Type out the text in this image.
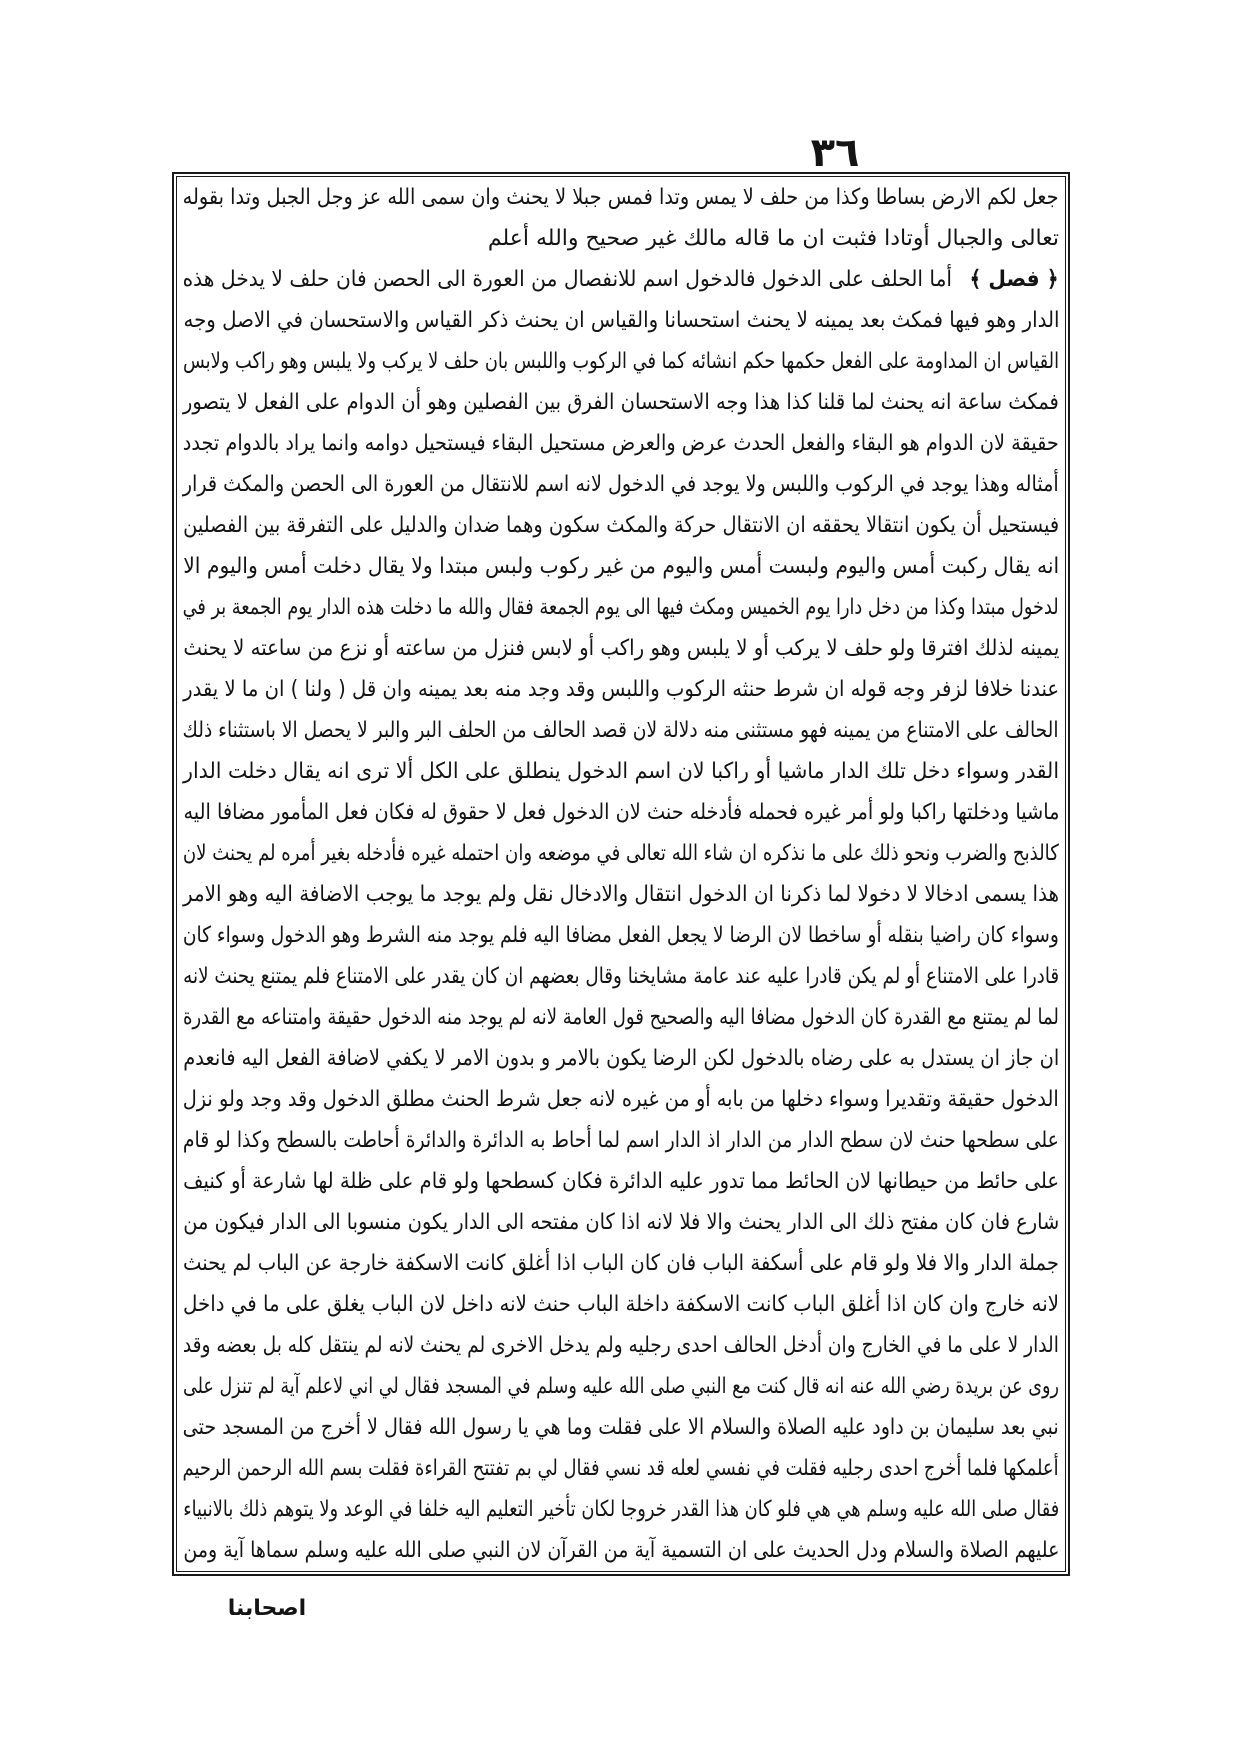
٣٦
جعل لكم الارض بساطا وكذا من حلف لا يمس وتدا فمس جبلا لا يحنث وان سمى الله عز وجل الجبل وتدا بقوله
تعالى والجبال أوتادا فثبت ان ما قاله مالك غير صحيح والله أعلم
﴿ فصل ﴾ أما الحلف على الدخول فالدخول اسم للانفصال من العورة الى الحصن فان حلف لا يدخل هذه
الدار وهو فيها فمكث بعد يمينه لا يحنث استحسانا والقياس ان يحنث ذكر القياس والاستحسان في الاصل وجه
القياس ان المداومة على الفعل حكمها حكم انشائه كما في الركوب واللبس بان حلف لا يركب ولا يلبس وهو راكب ولابس
فمكث ساعة انه يحنث لما قلنا كذا هذا وجه الاستحسان الفرق بين الفصلين وهو أن الدوام على الفعل لا يتصور
حقيقة لان الدوام هو البقاء والفعل الحدث عرض والعرض مستحيل البقاء فيستحيل دوامه وانما يراد بالدوام تجدد
أمثاله وهذا يوجد في الركوب واللبس ولا يوجد في الدخول لانه اسم للانتقال من العورة الى الحصن والمكث قرار
فيستحيل أن يكون انتقالا يحققه ان الانتقال حركة والمكث سكون وهما ضدان والدليل على التفرقة بين الفصلين
انه يقال ركبت أمس واليوم ولبست أمس واليوم من غير ركوب ولبس مبتدا ولا يقال دخلت أمس واليوم الا
لدخول مبتدا وكذا من دخل دارا يوم الخميس ومكث فيها الى يوم الجمعة فقال والله ما دخلت هذه الدار يوم الجمعة بر في
يمينه لذلك افترقا ولو حلف لا يركب أو لا يلبس وهو راكب أو لابس فنزل من ساعته أو نزع من ساعته لا يحنث
عندنا خلافا لزفر وجه قوله ان شرط حنثه الركوب واللبس وقد وجد منه بعد يمينه وان قل ( ولنا ) ان ما لا يقدر
الحالف على الامتناع من يمينه فهو مستثنى منه دلالة لان قصد الحالف من الحلف البر والبر لا يحصل الا باستثناء ذلك
القدر وسواء دخل تلك الدار ماشيا أو راكبا لان اسم الدخول ينطلق على الكل ألا ترى انه يقال دخلت الدار
ماشيا ودخلتها راكبا ولو أمر غيره فحمله فأدخله حنث لان الدخول فعل لا حقوق له فكان فعل المأمور مضافا اليه
كالذبح والضرب ونحو ذلك على ما نذكره ان شاء الله تعالى في موضعه وان احتمله غيره فأدخله بغير أمره لم يحنث لان
هذا يسمى ادخالا لا دخولا لما ذكرنا ان الدخول انتقال والادخال نقل ولم يوجد ما يوجب الاضافة اليه وهو الامر
وسواء كان راضيا بنقله أو ساخطا لان الرضا لا يجعل الفعل مضافا اليه فلم يوجد منه الشرط وهو الدخول وسواء كان
قادرا على الامتناع أو لم يكن قادرا عليه عند عامة مشايخنا وقال بعضهم ان كان يقدر على الامتناع فلم يمتنع يحنث لانه
لما لم يمتنع مع القدرة كان الدخول مضافا اليه والصحيح قول العامة لانه لم يوجد منه الدخول حقيقة وامتناعه مع القدرة
ان جاز ان يستدل به على رضاه بالدخول لكن الرضا يكون بالامر و بدون الامر لا يكفي لاضافة الفعل اليه فانعدم
الدخول حقيقة وتقديرا وسواء دخلها من بابه أو من غيره لانه جعل شرط الحنث مطلق الدخول وقد وجد ولو نزل
على سطحها حنث لان سطح الدار من الدار اذ الدار اسم لما أحاط به الدائرة والدائرة أحاطت بالسطح وكذا لو قام
على حائط من حيطانها لان الحائط مما تدور عليه الدائرة فكان كسطحها ولو قام على ظلة لها شارعة أو كنيف
شارع فان كان مفتح ذلك الى الدار يحنث والا فلا لانه اذا كان مفتحه الى الدار يكون منسوبا الى الدار فيكون من
جملة الدار والا فلا ولو قام على أسكفة الباب فان كان الباب اذا أغلق كانت الاسكفة خارجة عن الباب لم يحنث
لانه خارج وان كان اذا أغلق الباب كانت الاسكفة داخلة الباب حنث لانه داخل لان الباب يغلق على ما في داخل
الدار لا على ما في الخارج وان أدخل الحالف احدى رجليه ولم يدخل الاخرى لم يحنث لانه لم ينتقل كله بل بعضه وقد
روى عن بريدة رضي الله عنه انه قال كنت مع النبي صلى الله عليه وسلم في المسجد فقال لي اني لاعلم آية لم تنزل على
نبي بعد سليمان بن داود عليه الصلاة والسلام الا على فقلت وما هي يا رسول الله فقال لا أخرج من المسجد حتى
أعلمكها فلما أخرج احدى رجليه فقلت في نفسي لعله قد نسي فقال لي بم تفتتح القراءة فقلت بسم الله الرحمن الرحيم
فقال صلى الله عليه وسلم هي هي فلو كان هذا القدر خروجا لكان تأخير التعليم اليه خلفا في الوعد ولا يتوهم ذلك بالانبياء
عليهم الصلاة والسلام ودل الحديث على ان التسمية آية من القرآن لان النبي صلى الله عليه وسلم سماها آية ومن
اصحابنا
